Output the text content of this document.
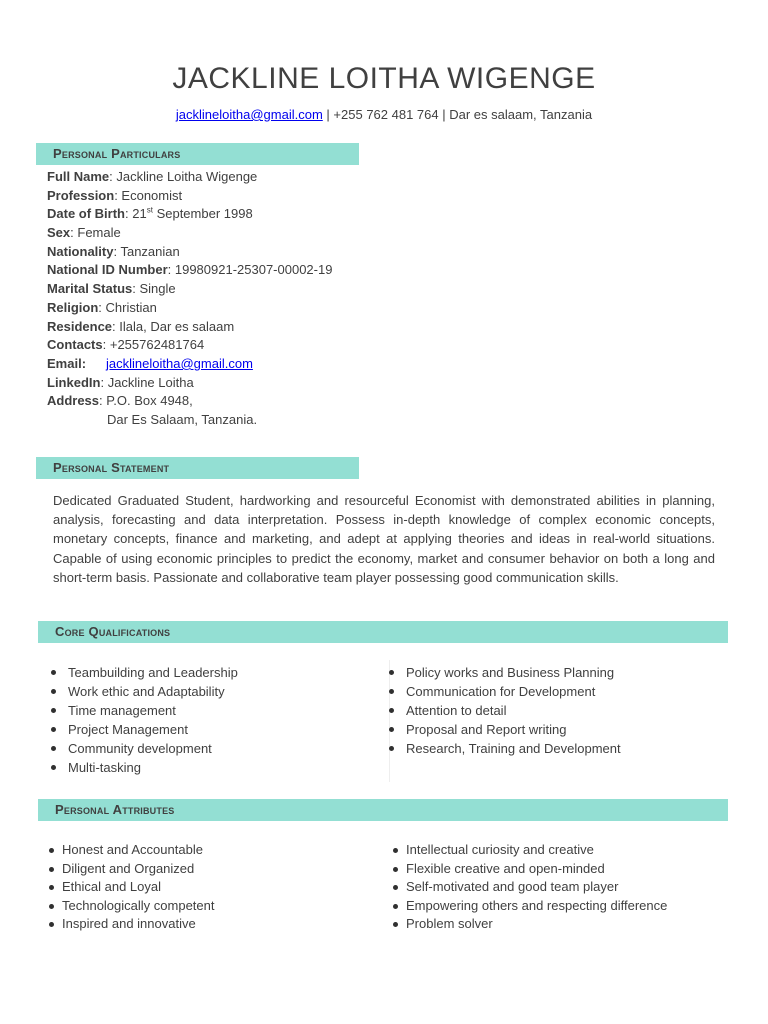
JACKLINE LOITHA WIGENGE
jacklineloitha@gmail.com | +255 762 481 764 | Dar es salaam, Tanzania
Personal Particulars
Full Name: Jackline Loitha Wigenge
Profession: Economist
Date of Birth: 21st September 1998
Sex: Female
Nationality: Tanzanian
National ID Number: 19980921-25307-00002-19
Marital Status: Single
Religion: Christian
Residence: Ilala, Dar es salaam
Contacts: +255762481764
Email: jacklineloitha@gmail.com
LinkedIn: Jackline Loitha
Address: P.O. Box 4948,
Dar Es Salaam, Tanzania.
Personal Statement

Dedicated Graduated Student, hardworking and resourceful Economist with demonstrated abilities in planning, analysis, forecasting and data interpretation. Possess in-depth knowledge of complex economic concepts, monetary concepts, finance and marketing, and adept at applying theories and ideas in real-world situations. Capable of using economic principles to predict the economy, market and consumer behavior on both a long and short-term basis. Passionate and collaborative team player possessing good communication skills.

Core Qualifications
Teambuilding and Leadership
Work ethic and Adaptability
Time management
Project Management
Community development
Multi-tasking
Policy works and Business Planning
Communication for Development
Attention to detail
Proposal and Report writing
Research, Training and Development
Personal Attributes
Honest and Accountable
Diligent and Organized
Ethical and Loyal
Technologically competent
Inspired and innovative
Intellectual curiosity and creative
Flexible creative and open-minded
Self-motivated and good team player
Empowering others and respecting difference
Problem solver
